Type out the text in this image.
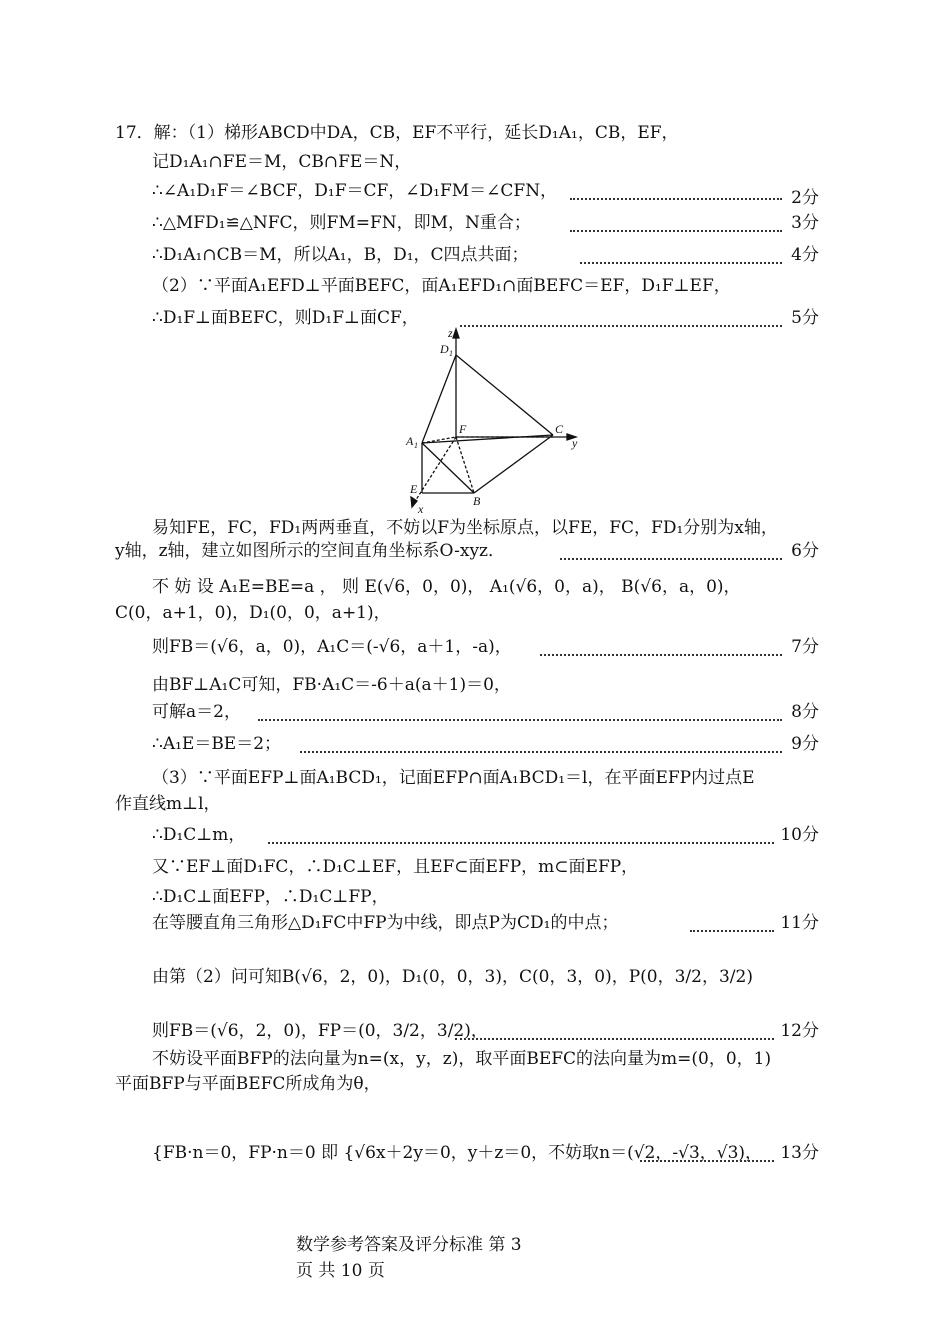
17．解：（1）梯形ABCD中DA，CB，EF不平行，延长D₁A₁，CB，EF，
记D₁A₁∩FE＝M，CB∩FE＝N，
∴∠A₁D₁F＝∠BCF，D₁F＝CF，∠D₁FM＝∠CFN，	2分
∴△MFD₁≌△NFC，则FM=FN，即M，N重合；	3分
∴D₁A₁∩CB＝M，所以A₁，B，D₁，C四点共面；	4分
（2）∵平面A₁EFD⊥平面BEFC，面A₁EFD₁∩面BEFC＝EF，D₁F⊥EF，
∴D₁F⊥面BEFC，则D₁F⊥面CF，	5分
z
D 1
F	C
y
A 1
E
B
x
易知FE，FC，FD₁两两垂直，不妨以F为坐标原点，以FE，FC，FD₁分别为x轴，
y轴，z轴，建立如图所示的空间直角坐标系O-xyz．	6分
不 妨 设 A₁E=BE=a ， 则 E(√6，0，0)， A₁(√6，0，a)， B(√6，a，0)，
C(0，a+1，0)，D₁(0，0，a+1)，
则FB＝(√6，a，0)，A₁C＝(-√6，a＋1，-a)，	7分
由BF⊥A₁C可知，FB·A₁C＝-6＋a(a＋1)＝0，
可解a＝2，	8分
∴A₁E＝BE＝2；	9分
（3）∵平面EFP⊥面A₁BCD₁，记面EFP∩面A₁BCD₁＝l，在平面EFP内过点E
作直线m⊥l，
∴D₁C⊥m，	10分
又∵EF⊥面D₁FC，∴D₁C⊥EF，且EF⊂面EFP，m⊂面EFP，
∴D₁C⊥面EFP，∴D₁C⊥FP，
在等腰直角三角形△D₁FC中FP为中线，即点P为CD₁的中点；	11分
由第（2）问可知B(√6，2，0)，D₁(0，0，3)，C(0，3，0)，P(0，3/2，3/2)
则FB＝(√6，2，0)，FP＝(0，3/2，3/2)，	12分
不妨设平面BFP的法向量为n=(x，y，z)，取平面BEFC的法向量为m=(0，0，1)
平面BFP与平面BEFC所成角为θ，
{FB·n＝0，FP·n＝0 即 {√6x＋2y＝0，y＋z＝0，不妨取n＝(√2，-√3，√3)， 13分
数学参考答案及评分标准 第 3
页 共 10 页
